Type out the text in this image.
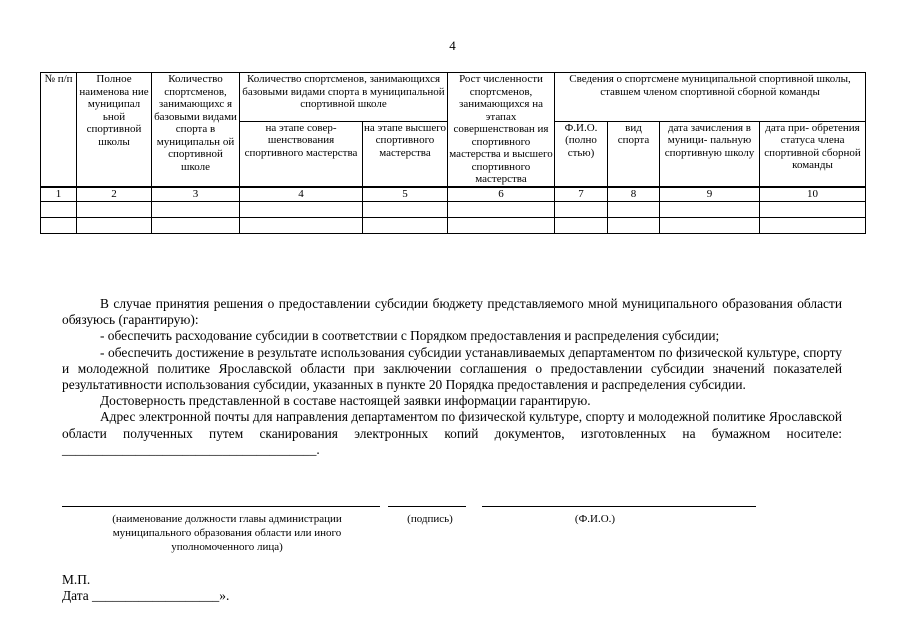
4
№ п/п	Полное наименова ние муниципал ьной спортивной школы	Количество спортсменов, занимающихс я базовыми видами спорта в муниципальн ой спортивной школе	Количество спортсменов, занимающихся базовыми видами спорта в муниципальной спортивной школе		Рост численности спортсменов, занимающихся на этапах совершенствован ия спортивного мастерства и высшего спортивного мастерства	Сведения о спортсмене муниципальной спортивной школы, ставшем членом спортивной сборной команды			
			на этапе совер- шенствования спортивного мастерства	на этапе высшего спортивного мастерства		Ф.И.О. (полно стью)	вид спорта	дата зачисления в муници- пальную спортивную школу	дата при- обретения статуса члена спортивной сборной команды
1	2	3	4	5	6	7	8	9	10

В случае принятия решения о предоставлении субсидии бюджету представляемого мной муниципального образования области обязуюсь (гарантирую):

- обеспечить расходование субсидии в соответствии с Порядком предоставления и распределения субсидии;

- обеспечить достижение в результате использования субсидии устанавливаемых департаментом по физической культуре, спорту и молодежной политике Ярославской области при заключении соглашения о предоставлении субсидии значений показателей результативности использования субсидии, указанных в пункте 20 Порядка предоставления и распределения субсидии.

Достоверность представленной в составе настоящей заявки информации гарантирую.

Адрес электронной почты для направления департаментом по физической культуре, спорту и молодежной политике Ярославской области полученных путем сканирования электронных копий документов, изготовленных на бумажном носителе: ______________________________________.

(наименование должности главы администрации муниципального образования области или иного уполномоченного лица)
(подпись)	(Ф.И.О.)
М.П.
Дата ___________________».
